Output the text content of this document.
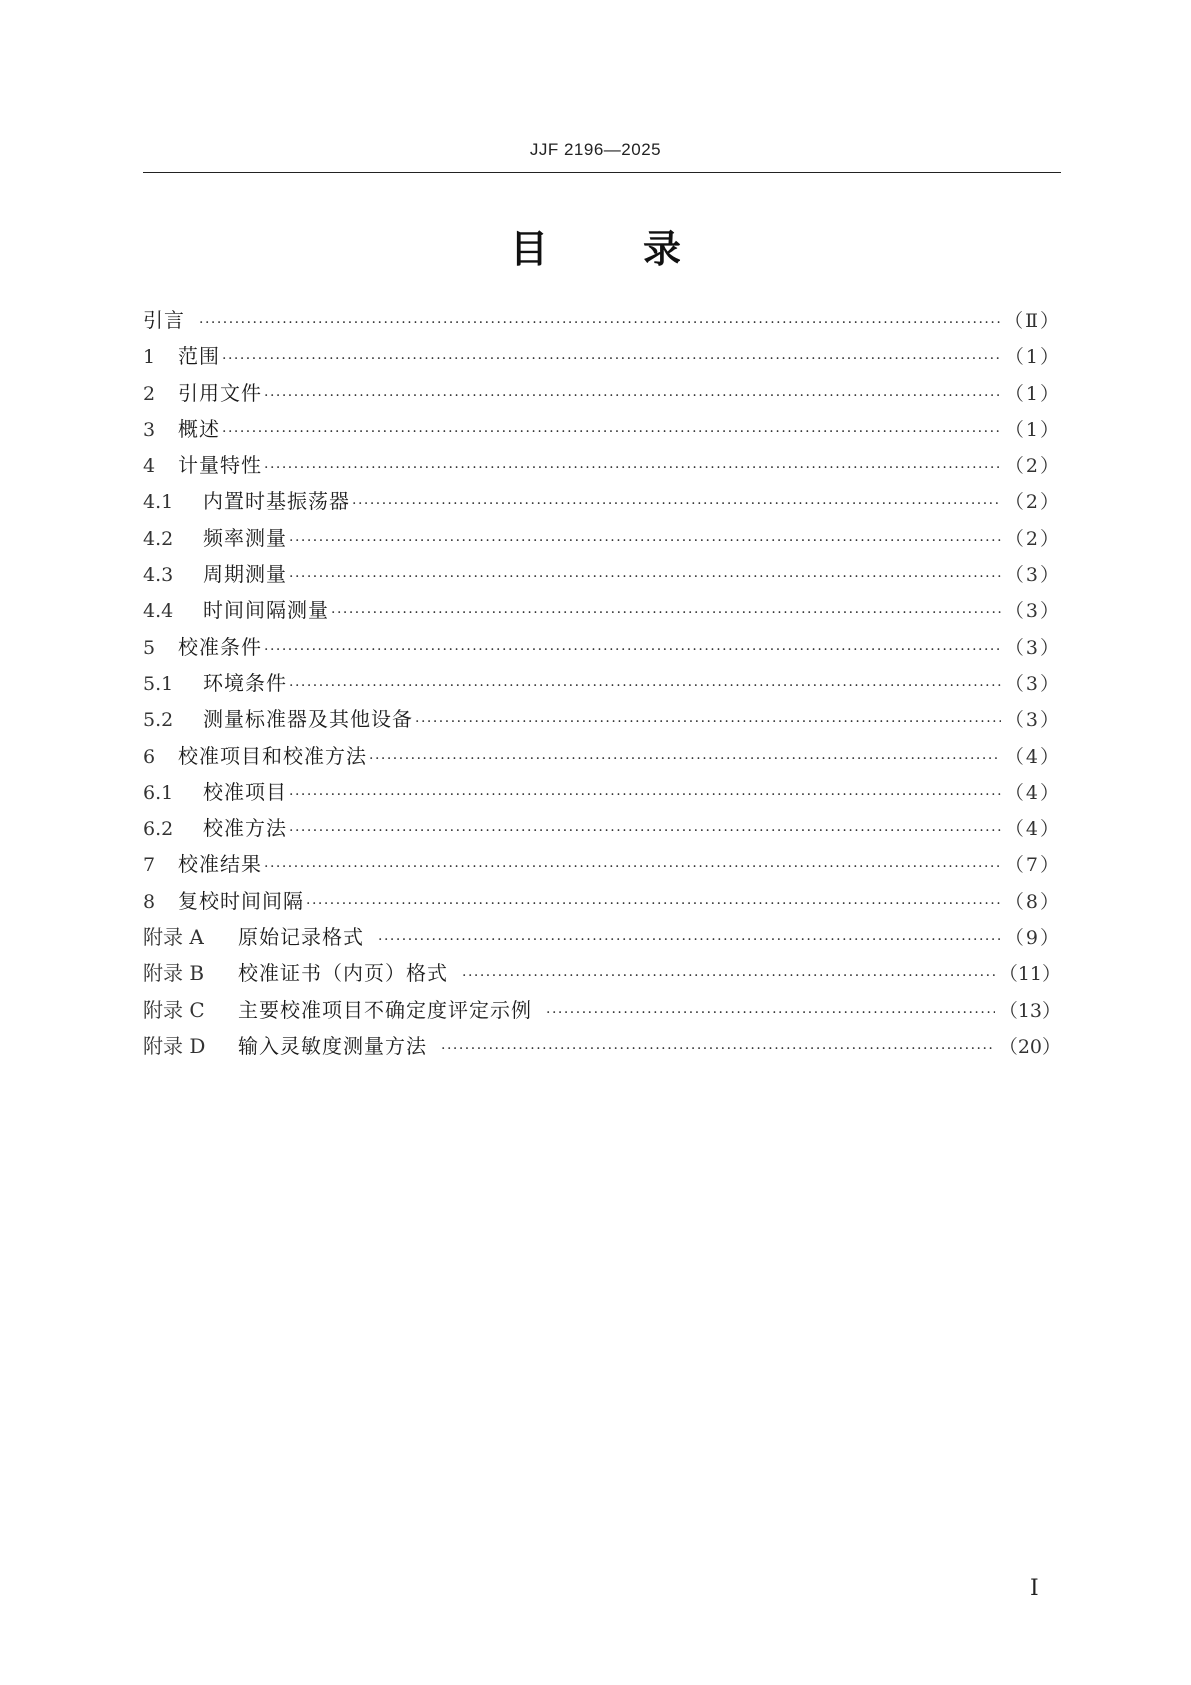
JJF 2196—2025
目	录
引言 ·····	（Ⅱ）
1	范围 ·····	（1）
2	引用文件 ·····	（1）
3	概述 ·····	（1）
4	计量特性 ·····	（2）
4.1	内置时基振荡器 ·····	（2）
4.2	频率测量 ·····	（2）
4.3	周期测量 ·····	（3）
4.4	时间间隔测量 ·····	（3）
5	校准条件 ·····	（3）
5.1	环境条件 ·····	（3）
5.2	测量标准器及其他设备 ·····	（3）
6	校准项目和校准方法 ·····	（4）
6.1	校准项目 ·····	（4）
6.2	校准方法 ·····	（4）
7	校准结果 ·····	（7）
8	复校时间间隔 ·····	（8）
附录 A	原始记录格式 ·····	（9）
附录 B	校准证书（内页）格式 ·····	（11）
附录 C	主要校准项目不确定度评定示例 ·····	（13）
附录 D	输入灵敏度测量方法 ·····	（20）
Ⅰ
